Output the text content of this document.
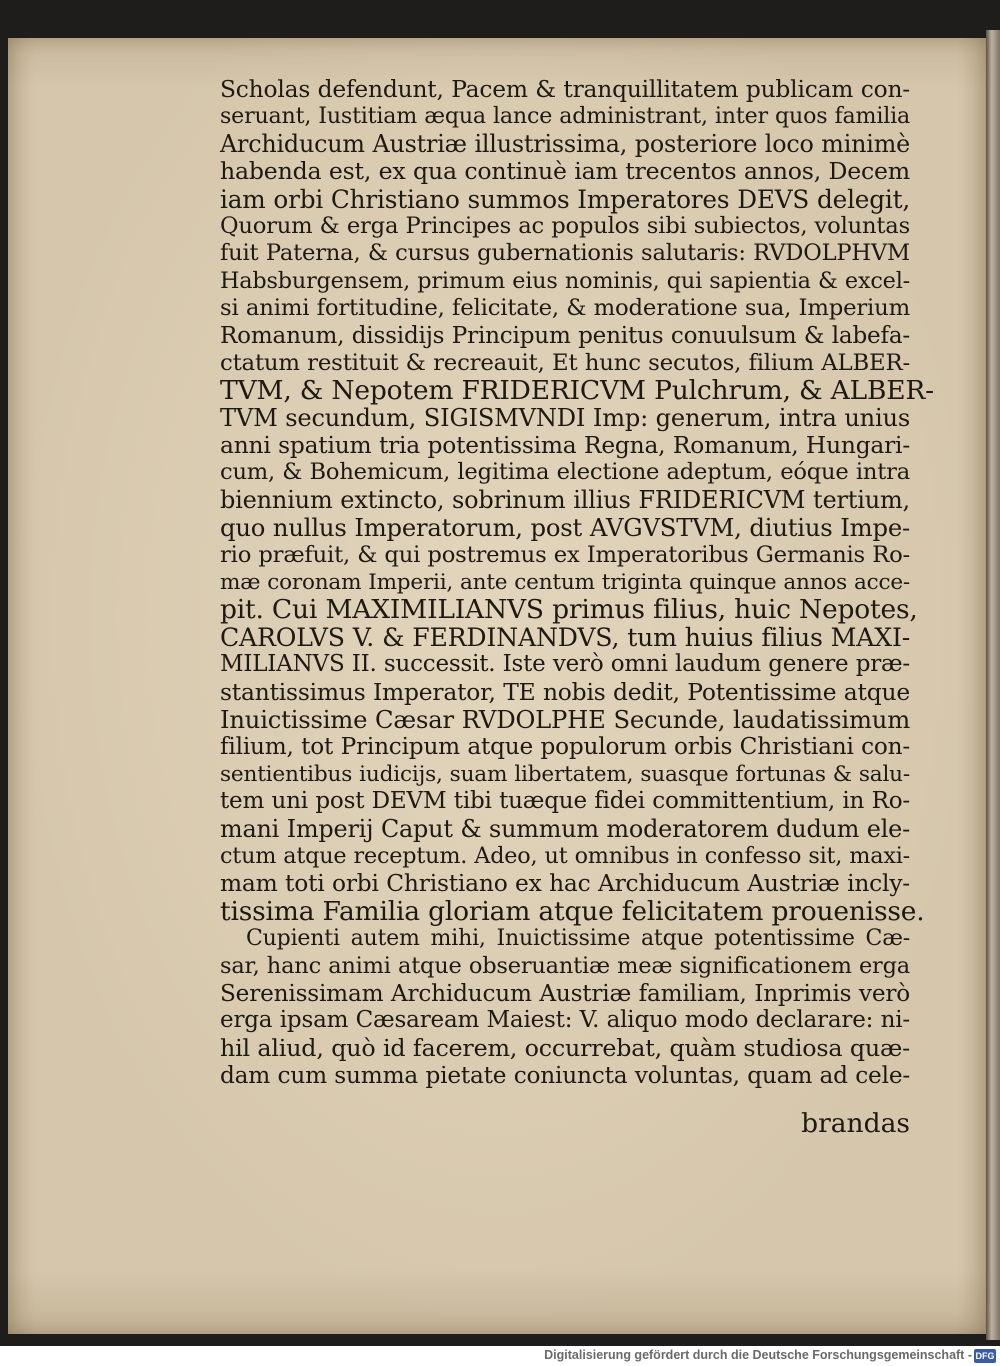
Scholas defendunt, Pacem & tranquillitatem publicam con-
seruant, Iustitiam æqua lance administrant, inter quos familia
Archiducum Austriæ illustrissima, posteriore loco minimè
habenda est, ex qua continuè iam trecentos annos, Decem
iam orbi Christiano summos Imperatores DEVS delegit,
Quorum & erga Principes ac populos sibi subiectos, voluntas
fuit Paterna, & cursus gubernationis salutaris: RVDOLPHVM
Habsburgensem, primum eius nominis, qui sapientia & excel-
si animi fortitudine, felicitate, & moderatione sua, Imperium
Romanum, dissidijs Principum penitus conuulsum & labefa-
ctatum restituit & recreauit, Et hunc secutos, filium ALBER-
TVM, & Nepotem FRIDERICVM Pulchrum, & ALBER-
TVM secundum, SIGISMVNDI Imp: generum, intra unius
anni spatium tria potentissima Regna, Romanum, Hungari-
cum, & Bohemicum, legitima electione adeptum, eóque intra
biennium extincto, sobrinum illius FRIDERICVM tertium,
quo nullus Imperatorum, post AVGVSTVM, diutius Impe-
rio præfuit, & qui postremus ex Imperatoribus Germanis Ro-
mæ coronam Imperii, ante centum triginta quinque annos acce-
pit. Cui MAXIMILIANVS primus filius, huic Nepotes,
CAROLVS V. & FERDINANDVS, tum huius filius MAXI-
MILIANVS II. successit. Iste verò omni laudum genere præ-
stantissimus Imperator, TE nobis dedit, Potentissime atque
Inuictissime Cæsar RVDOLPHE Secunde, laudatissimum
filium, tot Principum atque populorum orbis Christiani con-
sentientibus iudicijs, suam libertatem, suasque fortunas & salu-
tem uni post DEVM tibi tuæque fidei committentium, in Ro-
mani Imperij Caput & summum moderatorem dudum ele-
ctum atque receptum. Adeo, ut omnibus in confesso sit, maxi-
mam toti orbi Christiano ex hac Archiducum Austriæ incly-
tissima Familia gloriam atque felicitatem prouenisse.
Cupienti autem mihi, Inuictissime atque potentissime Cæ-
sar, hanc animi atque obseruantiæ meæ significationem erga
Serenissimam Archiducum Austriæ familiam, Inprimis verò
erga ipsam Cæsaream Maiest: V. aliquo modo declarare: ni-
hil aliud, quò id facerem, occurrebat, quàm studiosa quæ-
dam cum summa pietate coniuncta voluntas, quam ad cele-
brandas
Digitalisierung gefördert durch die Deutsche Forschungsgemeinschaft - DFG
